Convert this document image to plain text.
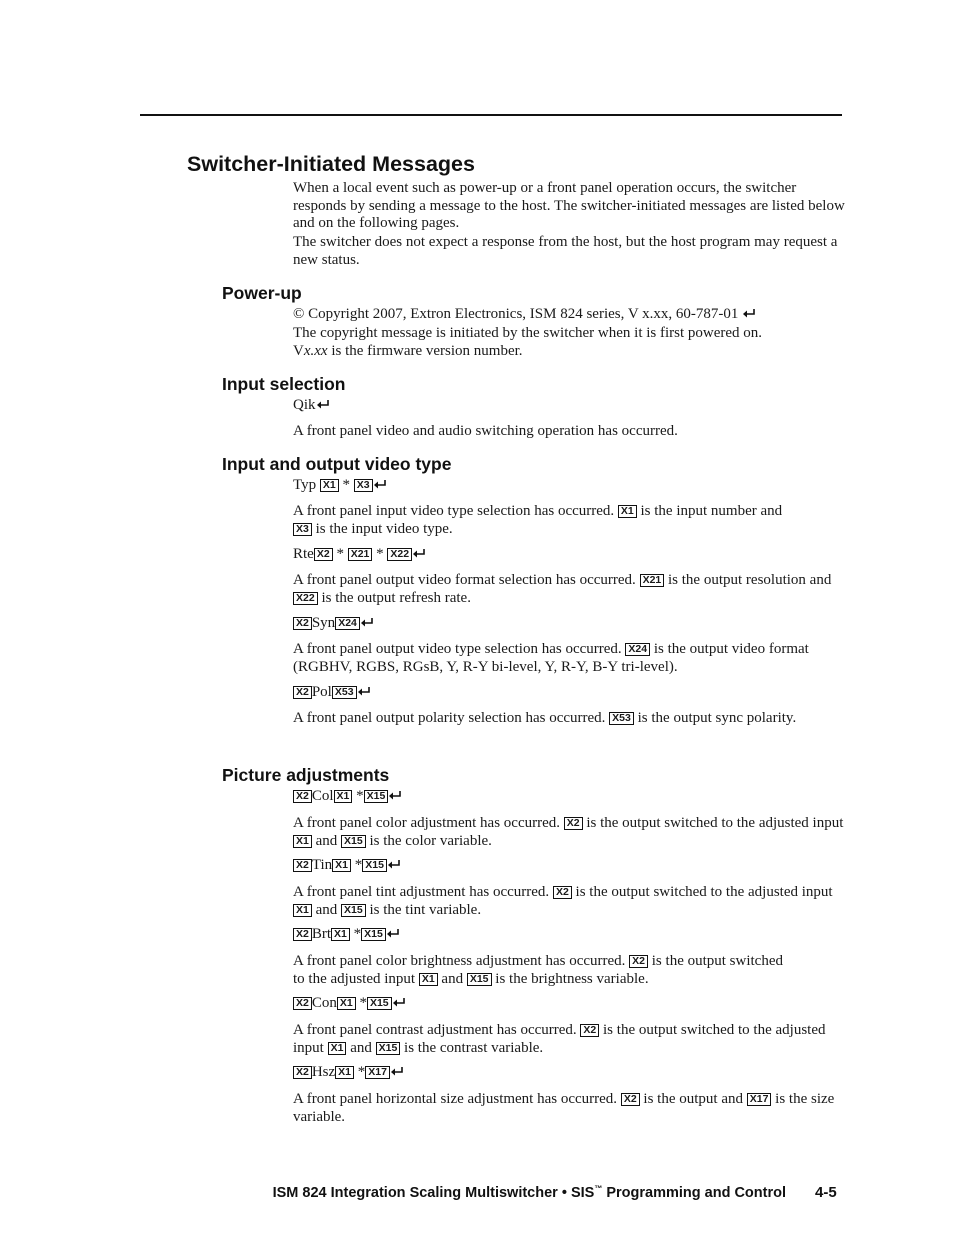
Switcher-Initiated Messages

When a local event such as power-up or a front panel operation occurs, the switcher responds by sending a message to the host. The switcher-initiated messages are listed below and on the following pages.

The switcher does not expect a response from the host, but the host program may request a new status.

Power-up

© Copyright 2007, Extron Electronics, ISM 824 series, V x.xx, 60-787-01

The copyright message is initiated by the switcher when it is first powered on.

Vx.xx is the firmware version number.

Input selection

Qik

A front panel video and audio switching operation has occurred.

Input and output video type

Typ X1 * X3

A front panel input video type selection has occurred. X1 is the input number and
X3 is the input video type.

Rte X2 * X21 * X22

A front panel output video format selection has occurred. X21 is the output resolution and X22 is the output refresh rate.

X2 Syn X24

A front panel output video type selection has occurred. X24 is the output video format (RGBHV, RGBS, RGsB, Y, R-Y bi-level, Y, R-Y, B-Y tri-level).

X2 Pol X53

A front panel output polarity selection has occurred. X53 is the output sync polarity.

Picture adjustments

X2 Col X1 * X15

A front panel color adjustment has occurred. X2 is the output switched to the adjusted input X1 and X15 is the color variable.

X2 Tin X1 * X15

A front panel tint adjustment has occurred. X2 is the output switched to the adjusted input X1 and X15 is the tint variable.

X2 Brt X1 * X15

A front panel color brightness adjustment has occurred. X2 is the output switched
to the adjusted input X1 and X15 is the brightness variable.

X2 Con X1 * X15

A front panel contrast adjustment has occurred. X2 is the output switched to the adjusted input X1 and X15 is the contrast variable.

X2 Hsz X1 * X17

A front panel horizontal size adjustment has occurred. X2 is the output and X17 is the size variable.

ISM 824 Integration Scaling Multiswitcher • SIS™ Programming and Control 4-5
